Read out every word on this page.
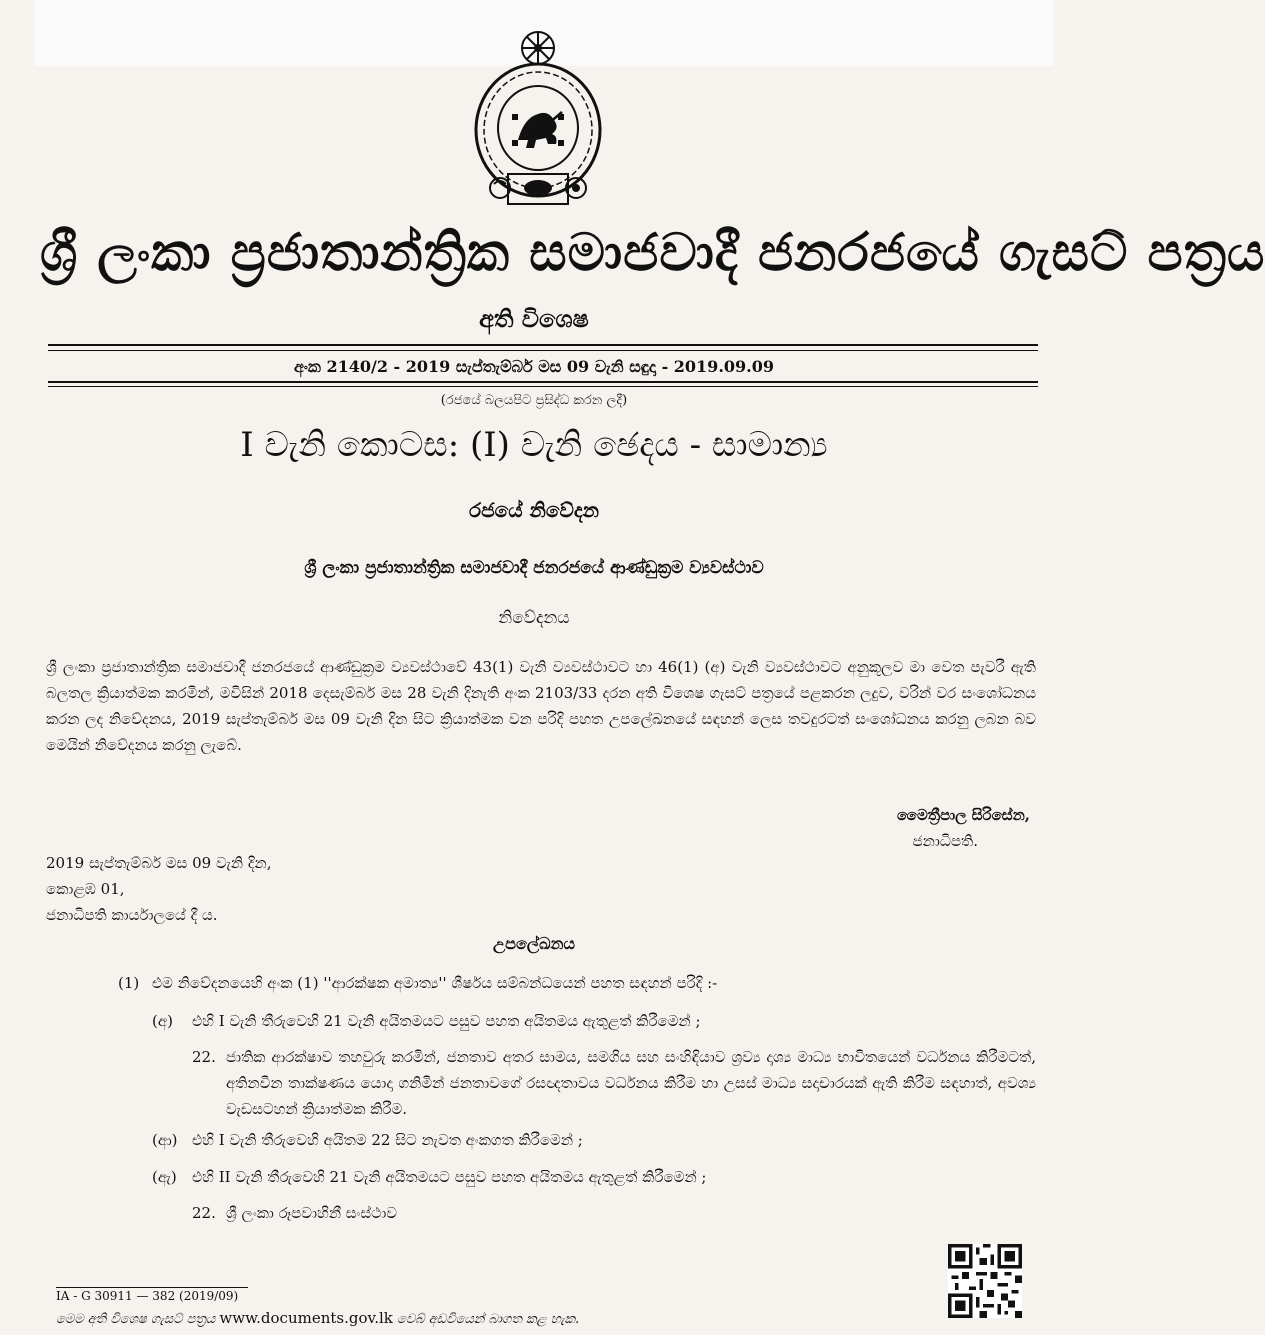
ශ්‍රී ලංකා ප්‍රජාතාන්ත්‍රික සමාජවාදී ජනරජයේ ගැසට් පත්‍රය
අති විශෙෂ
අංක 2140/2 - 2019 සැප්තැම්බර් මස 09 වැනි සඳුදා - 2019.09.09
(රජයේ බලයපිට ප්‍රසිද්ධ කරන ලදී)
I වැනි කොටස: (I) වැනි ඡෙදය - සාමාන්‍ය
රජයේ නිවේදන
ශ්‍රී ලංකා ප්‍රජාතාන්ත්‍රික සමාජවාදී ජනරජයේ ආණ්ඩුක්‍රම ව්‍යවස්ථාව
නිවේදනය
ශ්‍රී ලංකා ප්‍රජාතාන්ත්‍රික සමාජවාදී ජනරජයේ ආණ්ඩුක්‍රම ව්‍යවස්ථාවේ 43(1) වැනි ව්‍යවස්ථාවට හා 46(1) (අ) වැනි ව්‍යවස්ථාවට අනුකූලව මා වෙත පැවරී ඇති බලතල ක්‍රියාත්මක කරමින්, මවිසින් 2018 දෙසැම්බර් මස 28 වැනි දිනැති අංක 2103/33 දරන අති විශෙෂ ගැසට් පත්‍රයේ පළකරන ලදුව, වරින් වර සංශෝධනය කරන ලද නිවේදනය, 2019 සැප්තැම්බර් මස 09 වැනි දින සිට ක්‍රියාත්මක වන පරිදි පහත උපලේඛනයේ සඳහන් ලෙස තවදුරටත් සංශෝධනය කරනු ලබන බව මෙයින් නිවේදනය කරනු ලැබේ.
මෛත්‍රීපාල සිරිසේන,
ජනාධිපති.
2019 සැප්තැම්බර් මස 09 වැනි දින,
කොළඹ 01,
ජනාධිපති කාර්යාලයේ දී ය.
උපලේඛනය
(1) එම නිවේදනයෙහි අංක (1) ''ආරක්ෂක අමාත්‍ය'' ශීර්ෂය සම්බන්ධයෙන් පහත සඳහන් පරිදි :-
(අ) එහි I වැනි තීරුවෙහි 21 වැනි අයිතමයට පසුව පහත අයිතමය ඇතුළත් කිරීමෙන් ;
22. ජාතික ආරක්ෂාව තහවුරු කරමින්, ජනතාව අතර සාමය, සමගිය සහ සංහිඳියාව ශ්‍රව්‍ය දෘශ්‍ය මාධ්‍ය භාවිතයෙන් වර්ධනය කිරීමටත්, අතිනවීන තාක්ෂණය යොදා ගනිමින් ජනතාවගේ රසඥතාවය වර්ධනය කිරීම හා උසස් මාධ්‍ය සදාචාරයක් ඇති කිරීම සඳහාත්, අවශ්‍ය වැඩසටහන් ක්‍රියාත්මක කිරීම.
(ආ) එහි I වැනි තීරුවෙහි අයිතම 22 සිට නැවත අංකගත කිරීමෙන් ;
(ඇ) එහි II වැනි තීරුවෙහි 21 වැනි අයිතමයට පසුව පහත අයිතමය ඇතුළත් කිරීමෙන් ;
22. ශ්‍රී ලංකා රූපවාහිනී සංස්ථාව
IA - G 30911 — 382 (2019/09)
මෙම අති විශෙෂ ගැසට් පත්‍රය www.documents.gov.lk වෙබ් අඩවියෙන් බාගත කළ හැක.
